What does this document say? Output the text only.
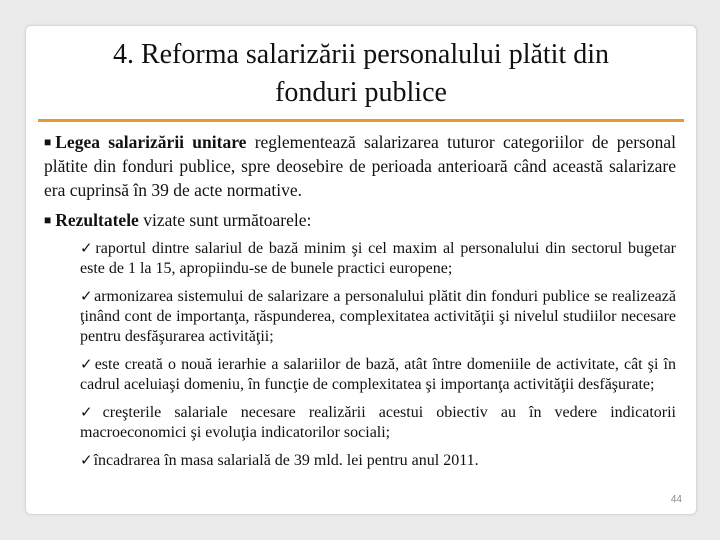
4. Reforma salarizării personalului plătit din
fonduri publice

■ Legea salarizării unitare reglementează salarizarea tuturor categoriilor de personal plătite din fonduri publice, spre deosebire de perioada anterioară când această salarizare era cuprinsă în 39 de acte normative.

■ Rezultatele vizate sunt următoarele:

✓raportul dintre salariul de bază minim şi cel maxim al personalului din sectorul bugetar este de 1 la 15, apropiindu-se de bunele practici europene;

✓armonizarea sistemului de salarizare a personalului plătit din fonduri publice se realizează ţinând cont de importanţa, răspunderea, complexitatea activităţii şi nivelul studiilor necesare pentru desfăşurarea activităţii;

✓este creată o nouă ierarhie a salariilor de bază, atât între domeniile de activitate, cât şi în cadrul aceluiaşi domeniu, în funcţie de complexitatea şi importanţa activităţii desfăşurate;

✓creşterile salariale necesare realizării acestui obiectiv au în vedere indicatorii macroeconomici şi evoluţia indicatorilor sociali;

✓încadrarea în masa salarială de 39 mld. lei pentru anul 2011.

44
